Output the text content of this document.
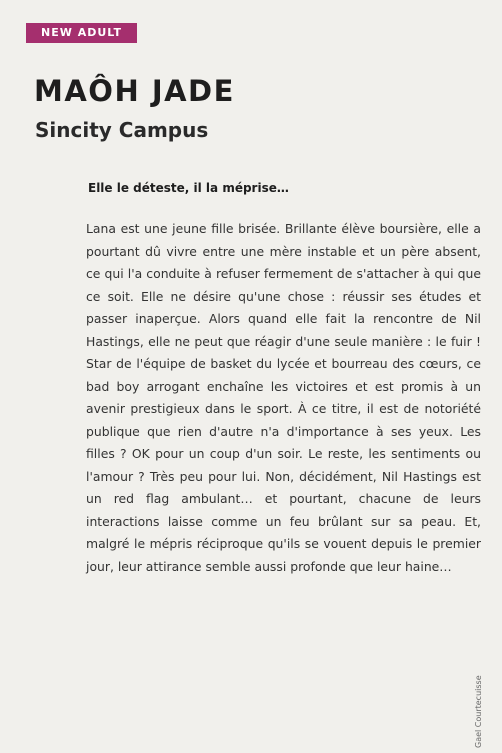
NEW ADULT
MAÔH JADE
Sincity Campus

Elle le déteste, il la méprise…

Lana est une jeune fille brisée. Brillante élève boursière, elle a pourtant dû vivre entre une mère instable et un père absent, ce qui l'a conduite à refuser fermement de s'attacher à qui que ce soit. Elle ne désire qu'une chose : réussir ses études et passer inaperçue. Alors quand elle fait la rencontre de Nil Hastings, elle ne peut que réagir d'une seule manière : le fuir ! Star de l'équipe de basket du lycée et bourreau des cœurs, ce bad boy arrogant enchaîne les victoires et est promis à un avenir prestigieux dans le sport. À ce titre, il est de notoriété publique que rien d'autre n'a d'importance à ses yeux. Les filles ? OK pour un coup d'un soir. Le reste, les sentiments ou l'amour ? Très peu pour lui. Non, décidément, Nil Hastings est un red flag ambulant… et pourtant, chacune de leurs interactions laisse comme un feu brûlant sur sa peau. Et, malgré le mépris réciproque qu'ils se vouent depuis le premier jour, leur attirance semble aussi profonde que leur haine…

Gael Courtecuisse
